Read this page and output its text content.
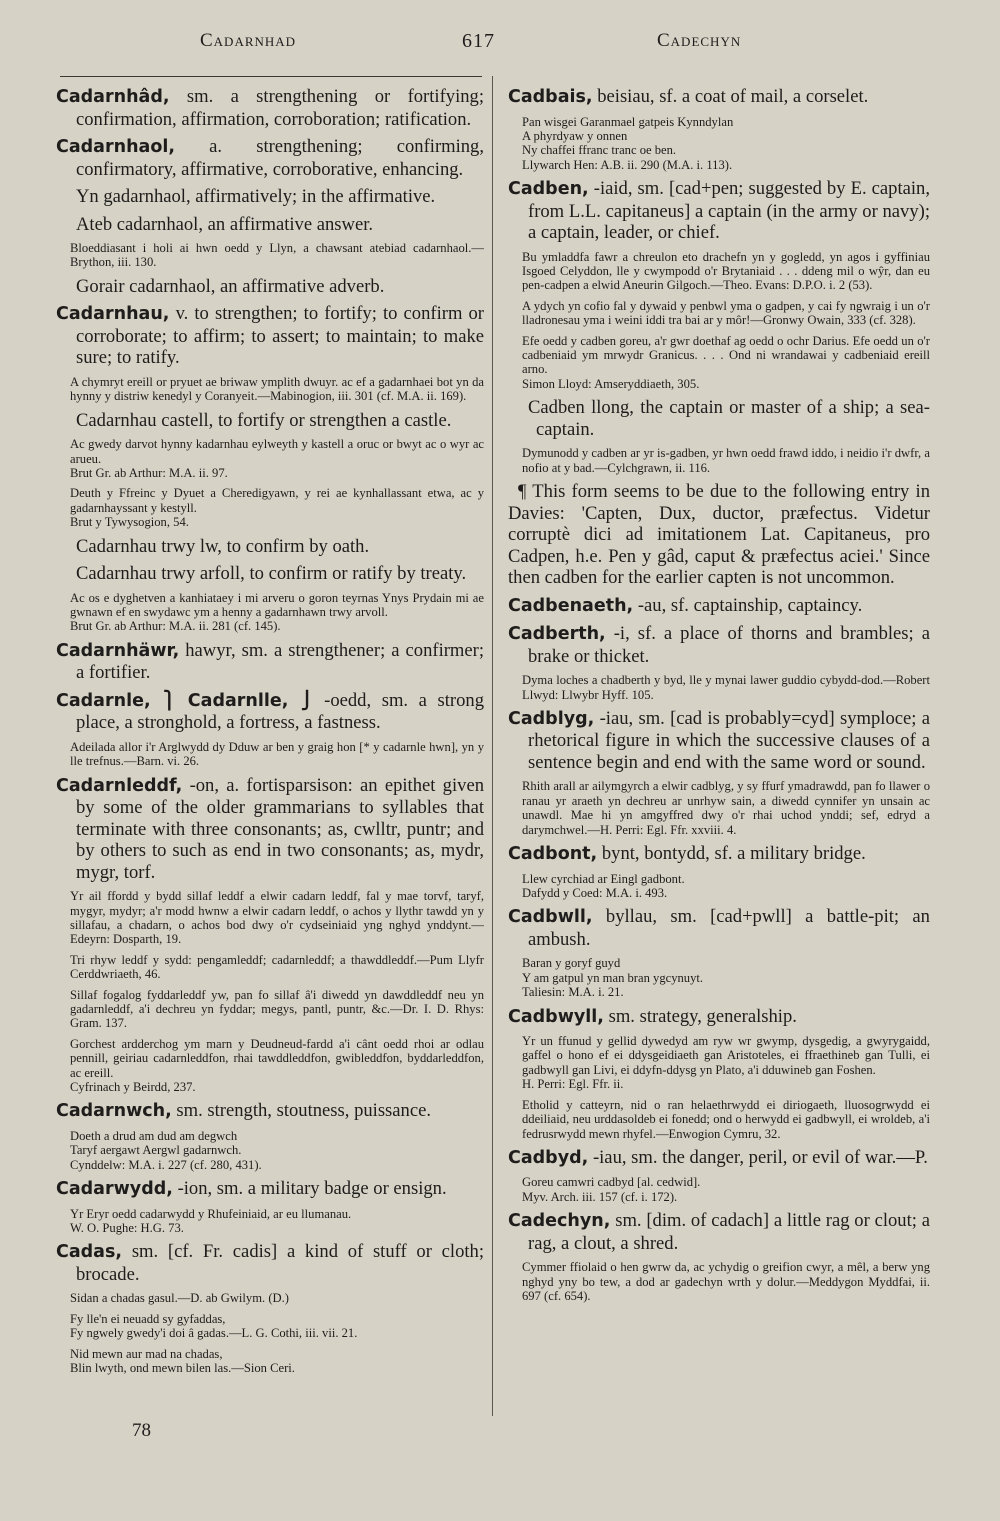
Cadarnhad	617	Cadechyn
Cadarnhâd, sm. a strengthening or fortifying; confirmation, affirmation, corroboration; ratification.
Cadarnhaol, a. strengthening; confirming, confirmatory, affirmative, corroborative, enhancing.
Yn gadarnhaol, affirmatively; in the affirmative.
Ateb cadarnhaol, an affirmative answer.
Bloeddiasant i holi ai hwn oedd y Llyn, a chawsant atebiad cadarnhaol.—Brython, iii. 130.
Gorair cadarnhaol, an affirmative adverb.
Cadarnhau, v. to strengthen; to fortify; to confirm or corroborate; to affirm; to assert; to maintain; to make sure; to ratify.
A chymryt ereill or pryuet ae briwaw ymplith dwuyr. ac ef a gadarnhaei bot yn da hynny y distriw kenedyl y Coranyeit.—Mabinogion, iii. 301 (cf. M.A. ii. 169).
Cadarnhau castell, to fortify or strengthen a castle.
Ac gwedy darvot hynny kadarnhau eylweyth y kastell a oruc or bwyt ac o wyr ac arueu.
Brut Gr. ab Arthur: M.A. ii. 97.
Deuth y Ffreinc y Dyuet a Cheredigyawn, y rei ae kynhallassant etwa, ac y gadarnhayssant y kestyll.
Brut y Tywysogion, 54.
Cadarnhau trwy lw, to confirm by oath.
Cadarnhau trwy arfoll, to confirm or ratify by treaty.
Ac os e dyghetven a kanhiataey i mi arveru o goron teyrnas Ynys Prydain mi ae gwnawn ef en swydawc ym a henny a gadarnhawn trwy arvoll.
Brut Gr. ab Arthur: M.A. ii. 281 (cf. 145).
Cadarnhäwr, hawyr, sm. a strengthener; a confirmer; a fortifier.
Cadarnle, ⎫ Cadarnlle, ⎭ -oedd, sm. a strong place, a stronghold, a fortress, a fastness.
Adeilada allor i'r Arglwydd dy Dduw ar ben y graig hon [* y cadarnle hwn], yn y lle trefnus.—Barn. vi. 26.
Cadarnleddf, -on, a. fortisparsison: an epithet given by some of the older grammarians to syllables that terminate with three consonants; as, cwlltr, puntr; and by others to such as end in two consonants; as, mydr, mygr, torf.
Yr ail ffordd y bydd sillaf leddf a elwir cadarn leddf, fal y mae torvf, taryf, mygyr, mydyr; a'r modd hwnw a elwir cadarn leddf, o achos y llythr tawdd yn y sillafau, a chadarn, o achos bod dwy o'r cydseiniaid yng nghyd ynddynt.—Edeyrn: Dosparth, 19.
Tri rhyw leddf y sydd: pengamleddf; cadarnleddf; a thawddleddf.—Pum Llyfr Cerddwriaeth, 46.
Sillaf fogalog fyddarleddf yw, pan fo sillaf â'i diwedd yn dawddleddf neu yn gadarnleddf, a'i dechreu yn fyddar; megys, pantl, puntr, &c.—Dr. I. D. Rhys: Gram. 137.
Gorchest ardderchog ym marn y Deudneud-fardd a'i cânt oedd rhoi ar odlau pennill, geiriau cadarnleddfon, rhai tawddleddfon, gwibleddfon, byddarleddfon, ac ereill.
Cyfrinach y Beirdd, 237.
Cadarnwch, sm. strength, stoutness, puissance.
Doeth a drud am dud am degwch
Taryf aergawt Aergwl gadarnwch.
Cynddelw: M.A. i. 227 (cf. 280, 431).
Cadarwydd, -ion, sm. a military badge or ensign.
Yr Eryr oedd cadarwydd y Rhufeiniaid, ar eu llumanau.
W. O. Pughe: H.G. 73.
Cadas, sm. [cf. Fr. cadis] a kind of stuff or cloth; brocade.
Sidan a chadas gasul.—D. ab Gwilym. (D.)
Fy lle'n ei neuadd sy gyfaddas,
Fy ngwely gwedy'i doi â gadas.—L. G. Cothi, iii. vii. 21.
Nid mewn aur mad na chadas,
Blin lwyth, ond mewn bilen las.—Sion Ceri.
Cadbais, beisiau, sf. a coat of mail, a corselet.
Pan wisgei Garanmael gatpeis Kynndylan
A phyrdyaw y onnen
Ny chaffei ffranc tranc oe ben.
Llywarch Hen: A.B. ii. 290 (M.A. i. 113).
Cadben, -iaid, sm. [cad+pen; suggested by E. captain, from L.L. capitaneus] a captain (in the army or navy); a captain, leader, or chief.
Bu ymladdfa fawr a chreulon eto drachefn yn y gogledd, yn agos i gyffiniau Isgoed Celyddon, lle y cwympodd o'r Brytaniaid . . . ddeng mil o wŷr, dan eu pen-cadpen a elwid Aneurin Gilgoch.—Theo. Evans: D.P.O. i. 2 (53).
A ydych yn cofio fal y dywaid y penbwl yma o gadpen, y cai fy ngwraig i un o'r lladronesau yma i weini iddi tra bai ar y môr!—Gronwy Owain, 333 (cf. 328).
Efe oedd y cadben goreu, a'r gwr doethaf ag oedd o ochr Darius. Efe oedd un o'r cadbeniaid ym mrwydr Granicus. . . . Ond ni wrandawai y cadbeniaid ereill arno.
Simon Lloyd: Amseryddiaeth, 305.
Cadben llong, the captain or master of a ship; a sea-captain.
Dymunodd y cadben ar yr is-gadben, yr hwn oedd frawd iddo, i neidio i'r dwfr, a nofio at y bad.—Cylchgrawn, ii. 116.
¶ This form seems to be due to the following entry in Davies: 'Capten, Dux, ductor, præfectus. Videtur corruptè dici ad imitationem Lat. Capitaneus, pro Cadpen, h.e. Pen y gâd, caput & præfectus aciei.' Since then cadben for the earlier capten is not uncommon.
Cadbenaeth, -au, sf. captainship, captaincy.
Cadberth, -i, sf. a place of thorns and brambles; a brake or thicket.
Dyma loches a chadberth y byd, lle y mynai lawer guddio cybydd-dod.—Robert Llwyd: Llwybr Hyff. 105.
Cadblyg, -iau, sm. [cad is probably=cyd] symploce; a rhetorical figure in which the successive clauses of a sentence begin and end with the same word or sound.
Rhith arall ar ailymgyrch a elwir cadblyg, y sy ffurf ymadrawdd, pan fo llawer o ranau yr araeth yn dechreu ar unrhyw sain, a diwedd cynnifer yn unsain ac unawdl. Mae hi yn amgyffred dwy o'r rhai uchod ynddi; sef, edryd a darymchwel.—H. Perri: Egl. Ffr. xxviii. 4.
Cadbont, bynt, bontydd, sf. a military bridge.
Llew cyrchiad ar Eingl gadbont.
Dafydd y Coed: M.A. i. 493.
Cadbwll, byllau, sm. [cad+pwll] a battle-pit; an ambush.
Baran y goryf guyd
Y am gatpul yn man bran ygcynuyt.
Taliesin: M.A. i. 21.
Cadbwyll, sm. strategy, generalship.
Yr un ffunud y gellid dywedyd am ryw wr gwymp, dysgedig, a gwyrygaidd, gaffel o hono ef ei ddysgeidiaeth gan Aristoteles, ei ffraethineb gan Tulli, ei gadbwyll gan Livi, ei ddyfn-ddysg yn Plato, a'i dduwineb gan Foshen.
H. Perri: Egl. Ffr. ii.
Etholid y catteyrn, nid o ran helaethrwydd ei diriogaeth, lluosogrwydd ei ddeiliaid, neu urddasoldeb ei fonedd; ond o herwydd ei gadbwyll, ei wroldeb, a'i fedrusrwydd mewn rhyfel.—Enwogion Cymru, 32.
Cadbyd, -iau, sm. the danger, peril, or evil of war.—P.
Goreu camwri cadbyd [al. cedwid].
Myv. Arch. iii. 157 (cf. i. 172).
Cadechyn, sm. [dim. of cadach] a little rag or clout; a rag, a clout, a shred.
Cymmer ffiolaid o hen gwrw da, ac ychydig o greifion cwyr, a mêl, a berw yng nghyd yny bo tew, a dod ar gadechyn wrth y dolur.—Meddygon Myddfai, ii. 697 (cf. 654).
78
